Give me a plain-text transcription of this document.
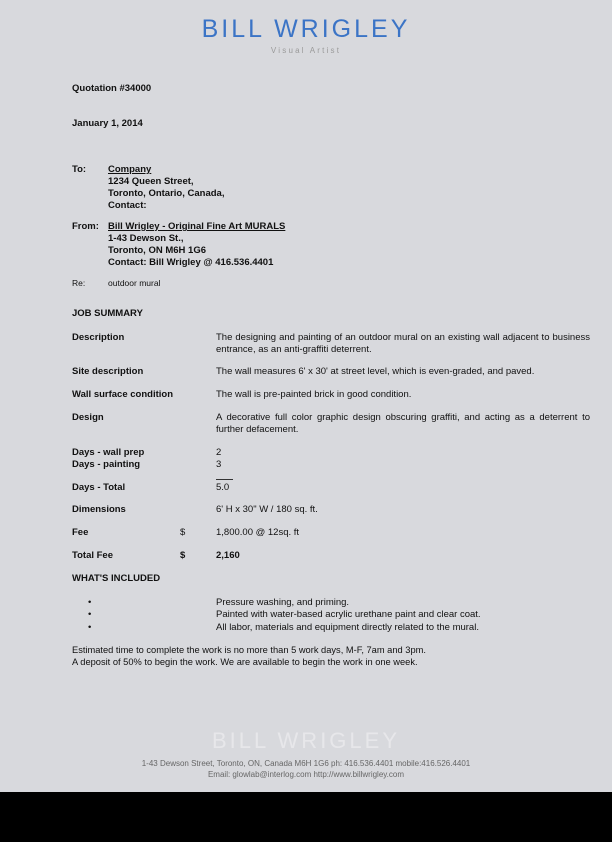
BILL WRIGLEY
Visual Artist
Quotation #34000
January 1, 2014
To:	Company
1234 Queen Street,
Toronto, Ontario, Canada,
Contact:
From: Bill Wrigley - Original Fine Art MURALS
1-43 Dewson St.,
Toronto, ON M6H 1G6
Contact: Bill Wrigley @ 416.536.4401
Re:	outdoor mural
JOB SUMMARY
Description	The designing and painting of an outdoor mural on an existing wall adjacent to business entrance, as an anti-graffiti deterrent.
Site description	The wall measures 6' x 30' at street level, which is even-graded, and paved.
Wall surface condition	The wall is pre-painted brick in good condition.
Design	A decorative full color graphic design obscuring graffiti, and acting as a deterrent to further defacement.
Days - wall prep	2
Days - painting	3
Days - Total	5.0
Dimensions	6' H x 30" W / 180 sq. ft.
Fee	$	1,800.00 @ 12sq. ft
Total Fee	$	2,160
WHAT'S INCLUDED
•	Pressure washing, and priming.
•	Painted with water-based acrylic urethane paint and clear coat.
•	All labor, materials and equipment directly related to the mural.
Estimated time to complete the work is no more than 5 work days, M-F, 7am and 3pm.
A deposit of 50% to begin the work. We are available to begin the work in one week.
BILL WRIGLEY
1-43 Dewson Street, Toronto, ON, Canada M6H 1G6 ph: 416.536.4401 mobile:416.526.4401
Email: glowlab@interlog.com http://www.billwrigley.com
